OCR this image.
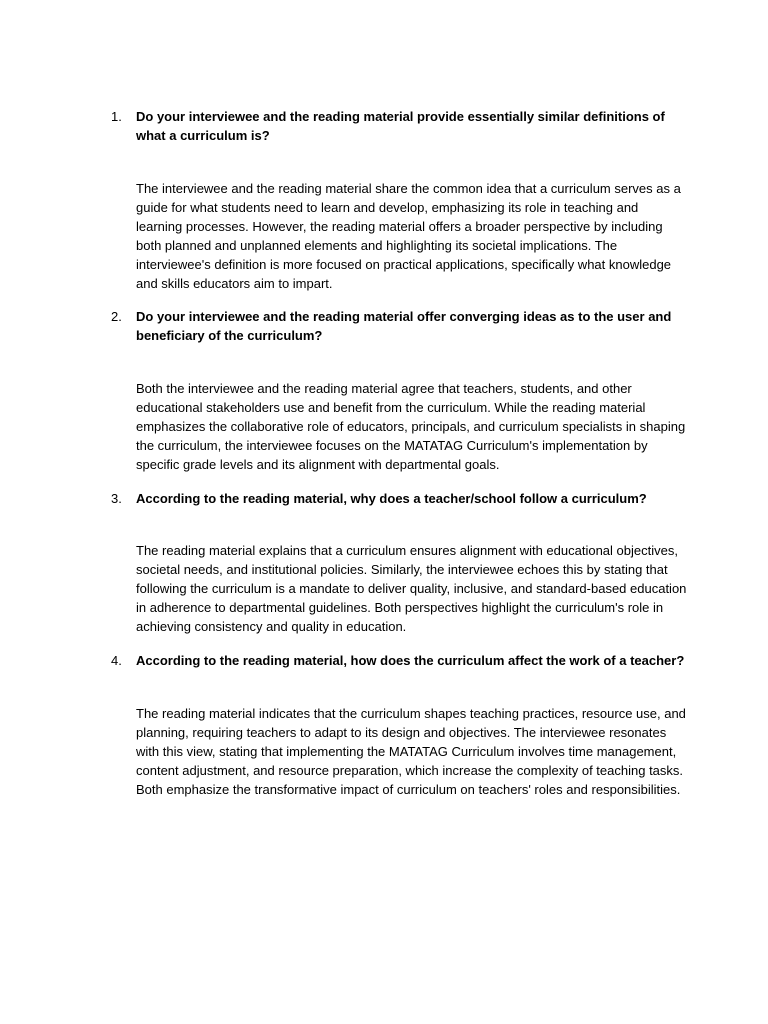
1. Do your interviewee and the reading material provide essentially similar definitions of what a curriculum is?
The interviewee and the reading material share the common idea that a curriculum serves as a guide for what students need to learn and develop, emphasizing its role in teaching and learning processes. However, the reading material offers a broader perspective by including both planned and unplanned elements and highlighting its societal implications. The interviewee's definition is more focused on practical applications, specifically what knowledge and skills educators aim to impart.
2. Do your interviewee and the reading material offer converging ideas as to the user and beneficiary of the curriculum?
Both the interviewee and the reading material agree that teachers, students, and other educational stakeholders use and benefit from the curriculum. While the reading material emphasizes the collaborative role of educators, principals, and curriculum specialists in shaping the curriculum, the interviewee focuses on the MATATAG Curriculum's implementation by specific grade levels and its alignment with departmental goals.
3. According to the reading material, why does a teacher/school follow a curriculum?
The reading material explains that a curriculum ensures alignment with educational objectives, societal needs, and institutional policies. Similarly, the interviewee echoes this by stating that following the curriculum is a mandate to deliver quality, inclusive, and standard-based education in adherence to departmental guidelines. Both perspectives highlight the curriculum's role in achieving consistency and quality in education.
4. According to the reading material, how does the curriculum affect the work of a teacher?
The reading material indicates that the curriculum shapes teaching practices, resource use, and planning, requiring teachers to adapt to its design and objectives. The interviewee resonates with this view, stating that implementing the MATATAG Curriculum involves time management, content adjustment, and resource preparation, which increase the complexity of teaching tasks. Both emphasize the transformative impact of curriculum on teachers' roles and responsibilities.
